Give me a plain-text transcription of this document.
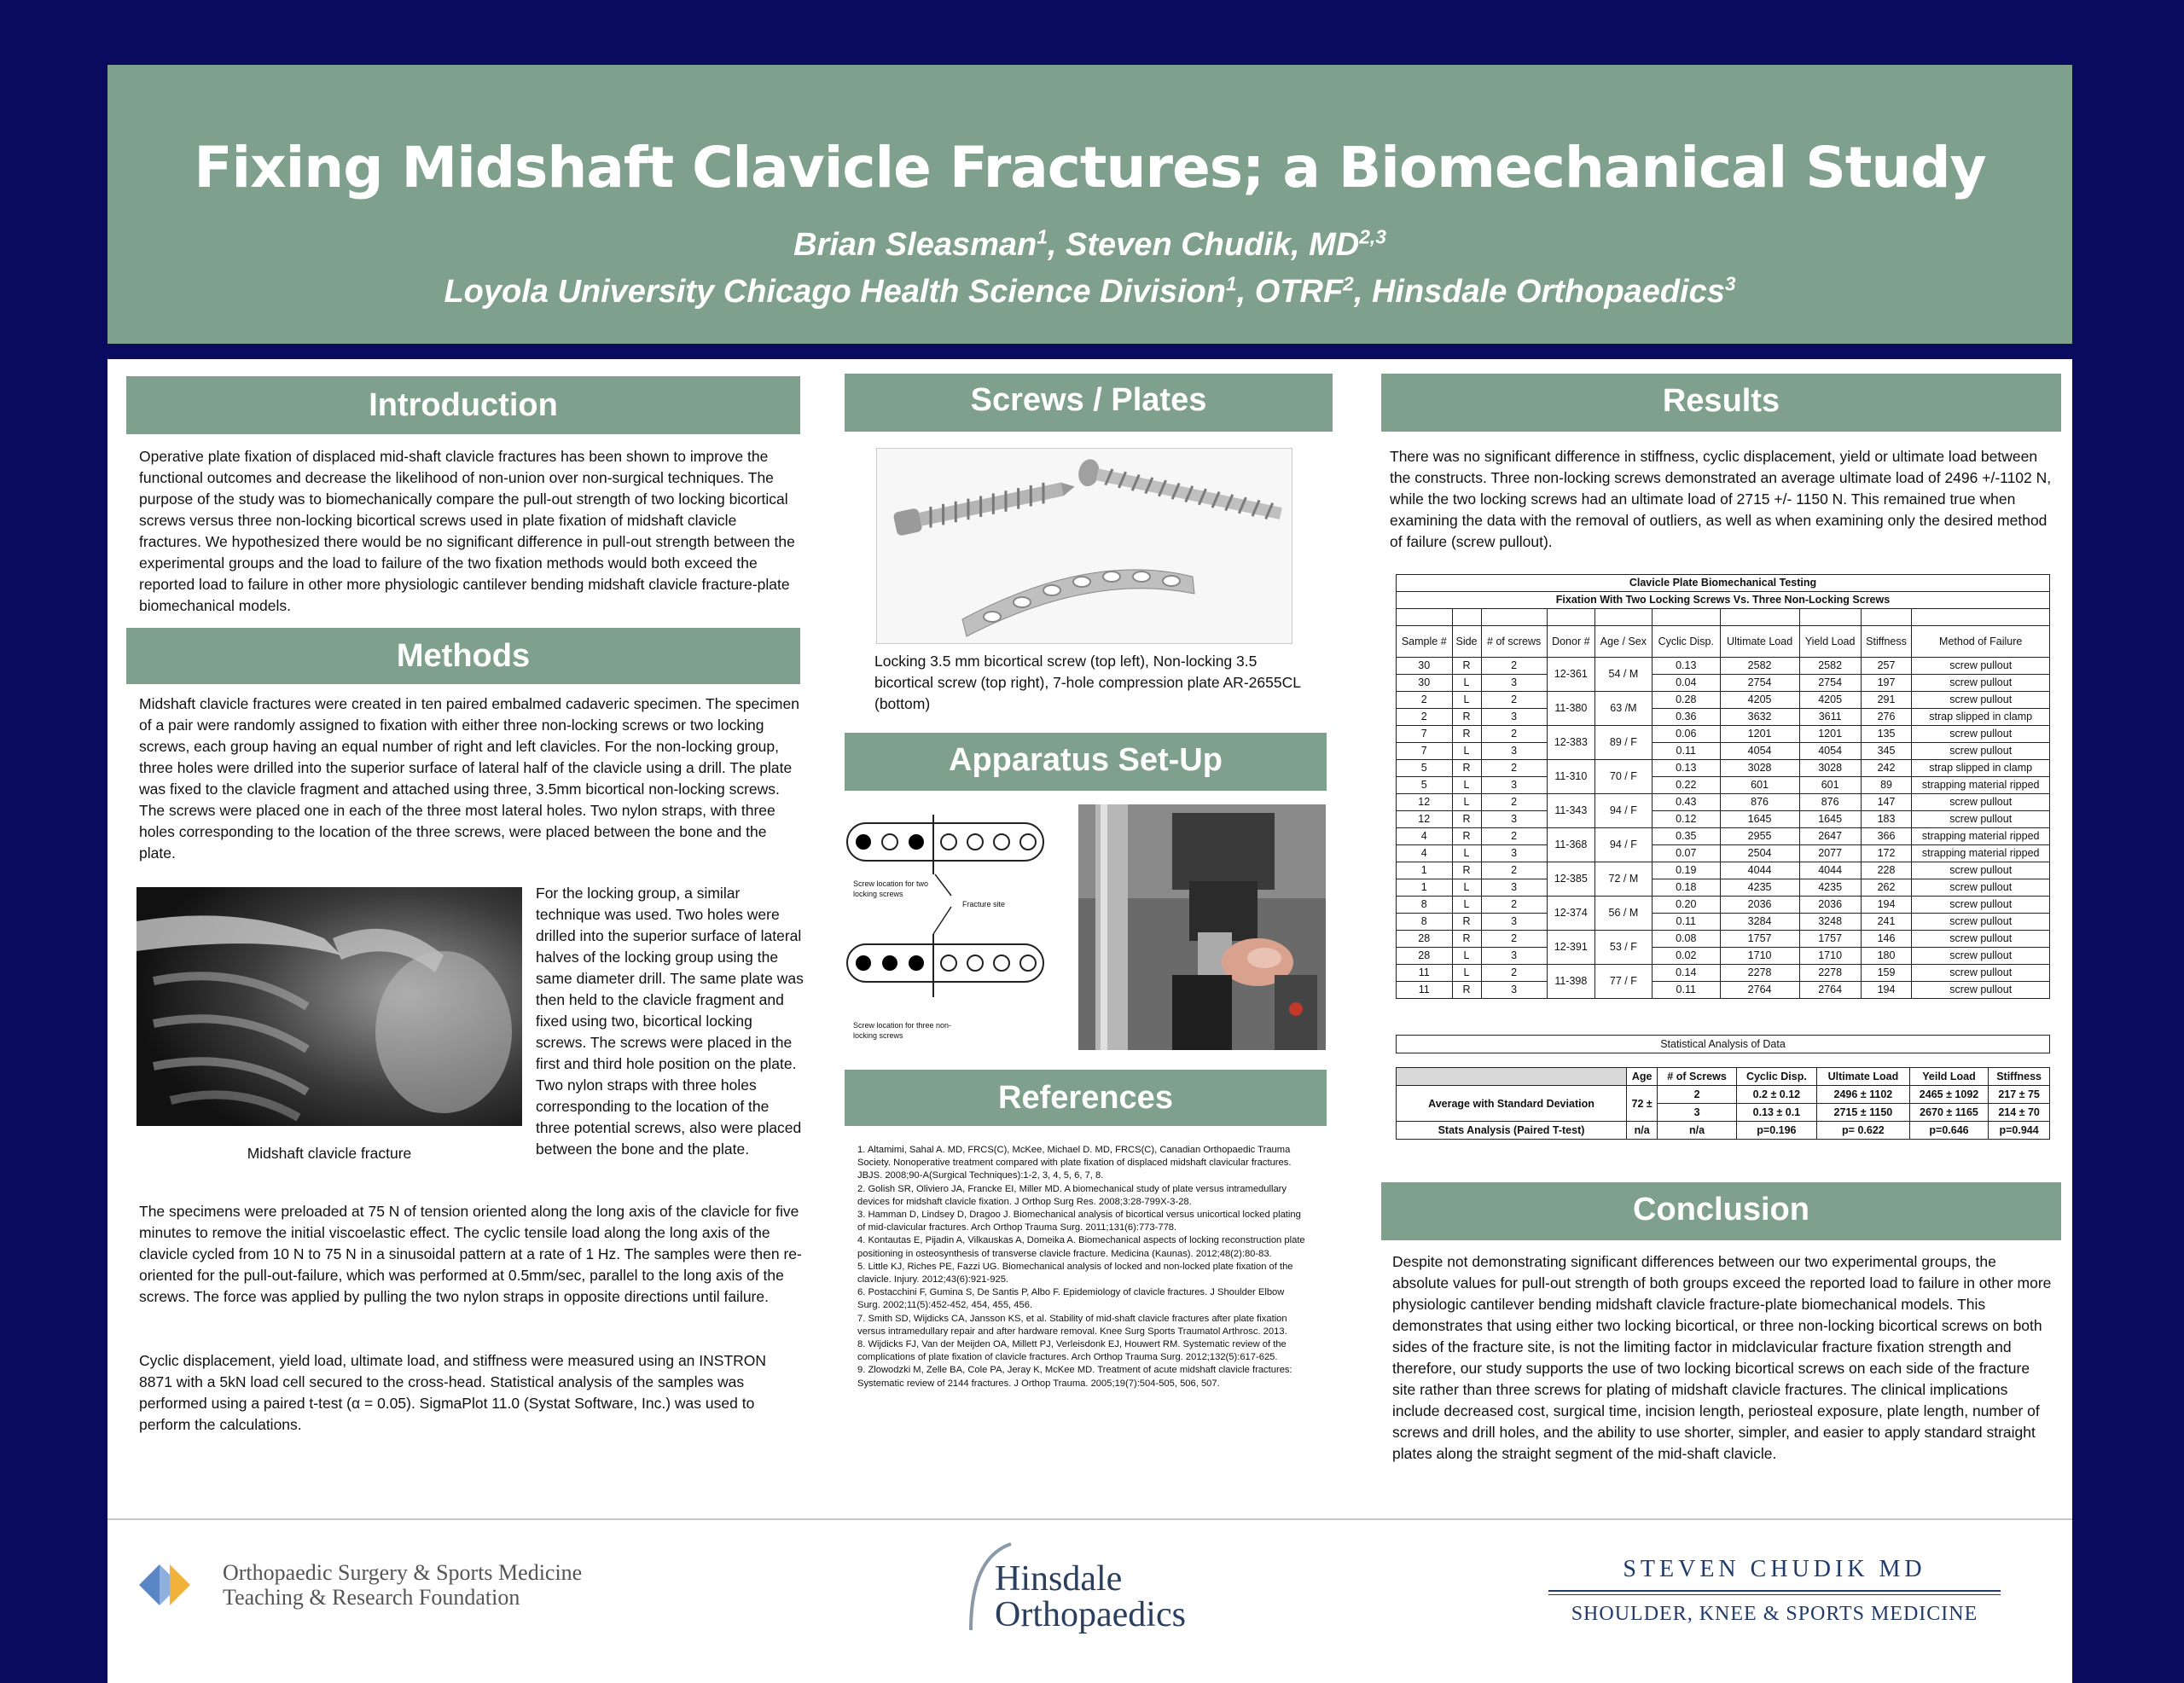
Fixing Midshaft Clavicle Fractures; a Biomechanical Study
Brian Sleasman$^1$, Steven Chudik, MD$^{2,3}$
Loyola University Chicago Health Science Division$^1$, OTRF$^2$, Hinsdale Orthopaedics$^3$
Introduction
Operative plate fixation of displaced mid-shaft clavicle fractures has been shown to improve the functional outcomes and decrease the likelihood of non-union over non-surgical techniques. The purpose of the study was to biomechanically compare the pull-out strength of two locking bicortical screws versus three non-locking bicortical screws used in plate fixation of midshaft clavicle fractures. We hypothesized there would be no significant difference in pull-out strength between the experimental groups and the load to failure of the two fixation methods would both exceed the reported load to failure in other more physiologic cantilever bending midshaft clavicle fracture-plate biomechanical models.
Methods
Midshaft clavicle fractures were created in ten paired embalmed cadaveric specimen. The specimen of a pair were randomly assigned to fixation with either three non-locking screws or two locking screws, each group having an equal number of right and left clavicles. For the non-locking group, three holes were drilled into the superior surface of lateral half of the clavicle using a drill. The plate was fixed to the clavicle fragment and attached using three, 3.5mm bicortical non-locking screws. The screws were placed one in each of the three most lateral holes. Two nylon straps, with three holes corresponding to the location of the three screws, were placed between the bone and the plate.
Midshaft clavicle fracture
For the locking group, a similar technique was used. Two holes were drilled into the superior surface of lateral halves of the locking group using the same diameter drill. The same plate was then held to the clavicle fragment and fixed using two, bicortical locking screws. The screws were placed in the first and third hole position on the plate. Two nylon straps with three holes corresponding to the location of the three potential screws, also were placed between the bone and the plate.
The specimens were preloaded at 75 N of tension oriented along the long axis of the clavicle for five minutes to remove the initial viscoelastic effect. The cyclic tensile load along the long axis of the clavicle cycled from 10 N to 75 N in a sinusoidal pattern at a rate of 1 Hz. The samples were then re-oriented for the pull-out-failure, which was performed at 0.5mm/sec, parallel to the long axis of the screws. The force was applied by pulling the two nylon straps in opposite directions until failure.
Cyclic displacement, yield load, ultimate load, and stiffness were measured using an INSTRON 8871 with a 5kN load cell secured to the cross-head. Statistical analysis of the samples was performed using a paired t-test (α = 0.05). SigmaPlot 11.0 (Systat Software, Inc.) was used to perform the calculations.
Screws / Plates
Locking 3.5 mm bicortical screw (top left), Non-locking 3.5 bicortical screw (top right), 7-hole compression plate AR-2655CL (bottom)
Apparatus Set-Up
Screw location for two locking screws
Fracture site
Screw location for three non-locking screws
References

1. Altamimi, Sahal A. MD, FRCS(C), McKee, Michael D. MD, FRCS(C), Canadian Orthopaedic Trauma Society. Nonoperative treatment compared with plate fixation of displaced midshaft clavicular fractures. JBJS. 2008;90-A(Surgical Techniques):1-2, 3, 4, 5, 6, 7, 8.

2. Golish SR, Oliviero JA, Francke EI, Miller MD. A biomechanical study of plate versus intramedullary devices for midshaft clavicle fixation. J Orthop Surg Res. 2008;3:28-799X-3-28.

3. Hamman D, Lindsey D, Dragoo J. Biomechanical analysis of bicortical versus unicortical locked plating of mid-clavicular fractures. Arch Orthop Trauma Surg. 2011;131(6):773-778.

4. Kontautas E, Pijadin A, Vilkauskas A, Domeika A. Biomechanical aspects of locking reconstruction plate positioning in osteosynthesis of transverse clavicle fracture. Medicina (Kaunas). 2012;48(2):80-83.

5. Little KJ, Riches PE, Fazzi UG. Biomechanical analysis of locked and non-locked plate fixation of the clavicle. Injury. 2012;43(6):921-925.

6. Postacchini F, Gumina S, De Santis P, Albo F. Epidemiology of clavicle fractures. J Shoulder Elbow Surg. 2002;11(5):452-452, 454, 455, 456.

7. Smith SD, Wijdicks CA, Jansson KS, et al. Stability of mid-shaft clavicle fractures after plate fixation versus intramedullary repair and after hardware removal. Knee Surg Sports Traumatol Arthrosc. 2013.

8. Wijdicks FJ, Van der Meijden OA, Millett PJ, Verleisdonk EJ, Houwert RM. Systematic review of the complications of plate fixation of clavicle fractures. Arch Orthop Trauma Surg. 2012;132(5):617-625.

9. Zlowodzki M, Zelle BA, Cole PA, Jeray K, McKee MD. Treatment of acute midshaft clavicle fractures: Systematic review of 2144 fractures. J Orthop Trauma. 2005;19(7):504-505, 506, 507.

Results
There was no significant difference in stiffness, cyclic displacement, yield or ultimate load between the constructs. Three non-locking screws demonstrated an average ultimate load of 2496 +/-1102 N, while the two locking screws had an ultimate load of 2715 +/- 1150 N. This remained true when examining the data with the removal of outliers, as well as when examining only the desired method of failure (screw pullout).
Clavicle Plate Biomechanical Testing									
Fixation With Two Locking Screws Vs. Three Non-Locking Screws									

Sample #	Side	# of screws	Donor #	Age / Sex	Cyclic Disp.	Ultimate Load	Yield Load	Stiffness	Method of Failure
30	R	2	12-361	54 / M	0.13	2582	2582	257	screw pullout
30	L	3			0.04	2754	2754	197	screw pullout
2	L	2	11-380	63 /M	0.28	4205	4205	291	screw pullout
2	R	3			0.36	3632	3611	276	strap slipped in clamp
7	R	2	12-383	89 / F	0.06	1201	1201	135	screw pullout
7	L	3			0.11	4054	4054	345	screw pullout
5	R	2	11-310	70 / F	0.13	3028	3028	242	strap slipped in clamp
5	L	3			0.22	601	601	89	strapping material ripped
12	L	2	11-343	94 / F	0.43	876	876	147	screw pullout
12	R	3			0.12	1645	1645	183	screw pullout
4	R	2	11-368	94 / F	0.35	2955	2647	366	strapping material ripped
4	L	3			0.07	2504	2077	172	strapping material ripped
1	R	2	12-385	72 / M	0.19	4044	4044	228	screw pullout
1	L	3			0.18	4235	4235	262	screw pullout
8	L	2	12-374	56 / M	0.20	2036	2036	194	screw pullout
8	R	3			0.11	3284	3248	241	screw pullout
28	R	2	12-391	53 / F	0.08	1757	1757	146	screw pullout
28	L	3			0.02	1710	1710	180	screw pullout
11	L	2	11-398	77 / F	0.14	2278	2278	159	screw pullout
11	R	3			0.11	2764	2764	194	screw pullout
Statistical Analysis of Data						

	Age	# of Screws	Cyclic Disp.	Ultimate Load	Yeild Load	Stiffness
Average with Standard Deviation	72 ±	2	0.2 ± 0.12	2496 ± 1102	2465 ± 1092	217 ± 75
		3	0.13 ± 0.1	2715 ± 1150	2670 ± 1165	214 ± 70
Stats Analysis (Paired T-test)	n/a	n/a	p=0.196	p= 0.622	p=0.646	p=0.944
Conclusion
Despite not demonstrating significant differences between our two experimental groups, the absolute values for pull-out strength of both groups exceed the reported load to failure in other more physiologic cantilever bending midshaft clavicle fracture-plate biomechanical models. This demonstrates that using either two locking bicortical, or three non-locking bicortical screws on both sides of the fracture site, is not the limiting factor in midclavicular fracture fixation strength and therefore, our study supports the use of two locking bicortical screws on each side of the fracture site rather than three screws for plating of midshaft clavicle fractures. The clinical implications include decreased cost, surgical time, incision length, periosteal exposure, plate length, number of screws and drill holes, and the ability to use shorter, simpler, and easier to apply standard straight plates along the straight segment of the mid-shaft clavicle.
Orthopaedic Surgery & Sports Medicine
Teaching & Research Foundation	Hinsdale
Orthopaedics
STEVEN CHUDIK MD
SHOULDER, KNEE & SPORTS MEDICINE
